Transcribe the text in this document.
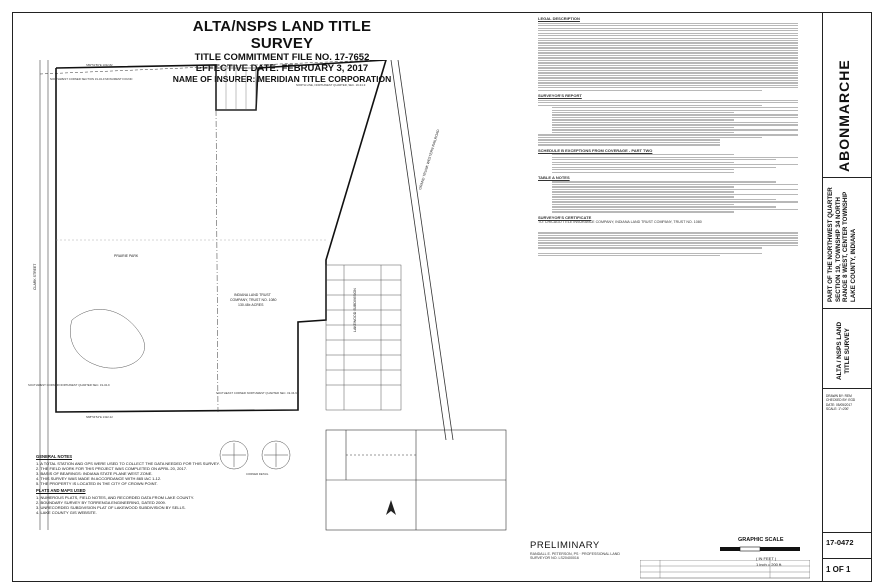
ALTA/NSPS LAND TITLE SURVEY
TITLE COMMITMENT FILE NO. 17-7652
EFFECTIVE DATE: FEBRUARY 3, 2017
NAME OF INSURER: MERIDIAN TITLE CORPORATION
CLARK STREET
PRAIRIE PARK
INDIANA LAND TRUST
COMPANY, TRUST NO. 1080
130.48± ACRES
GRAND TRUNK WESTERN RAILROAD
LAKEWOOD SUBDIVISION
NORTH LINE, NORTHWEST QUARTER, SEC. 19-34-9
S89°51'59"E 1322.82
N88°54'54"E 1322.22
NORTHWEST CORNER SECTION 19-34-9 MONUMENT FOUND
SOUTHWEST CORNER NORTHWEST QUARTER SEC. 19-34-9
SOUTHEAST CORNER NORTHWEST QUARTER SEC. 19-34-9
CORNER DETAIL
LEGAL DESCRIPTION
SURVEYOR'S REPORT
SCHEDULE B EXCEPTIONS FROM COVERAGE - PART TWO
TABLE A NOTES
SURVEYOR'S CERTIFICATE
TO: CHICAGO TITLE INSURANCE COMPANY; INDIANA LAND TRUST COMPANY, TRUST NO. 1080
GENERAL NOTES
1. A TOTAL STATION AND GPS WERE USED TO COLLECT THE DATA NEEDED FOR THIS SURVEY.
2. THE FIELD WORK FOR THIS PROJECT WAS COMPLETED ON APRIL 20, 2017.
3. BASIS OF BEARINGS: INDIANA STATE PLANE WEST ZONE.
4. THIS SURVEY WAS MADE IN ACCORDANCE WITH 865 IAC 1-12.
5. THE PROPERTY IS LOCATED IN THE CITY OF CROWN POINT.
PLATS AND MAPS USED
1. NUMEROUS PLATS, FIELD NOTES, AND RECORDED DATA FROM LAKE COUNTY.
2. BOUNDARY SURVEY BY TORRENGA ENGINEERING, DATED 2009.
3. UNRECORDED SUBDIVISION PLAT OF LAKEWOOD SUBDIVISION BY SELLS.
4. LAKE COUNTY GIS WEBSITE.
PRELIMINARY
RANDALL E. PETERSON, PS · PROFESSIONAL LAND SURVEYOR NO. LS20400016
GRAPHIC SCALE
( IN FEET )
1 inch = 200 ft.
ABONMARCHE
PART OF THE NORTHWEST QUARTER SECTION 19, TOWNSHIP 34 NORTH RANGE 8 WEST, CENTER TOWNSHIP LAKE COUNTY, INDIANA
ALTA / NSPS LAND TITLE SURVEY
DRAWN BY: REM
CHECKED BY: EGD
DATE: 05/05/2017
SCALE: 1"=200'
17-0472
1 OF 1
